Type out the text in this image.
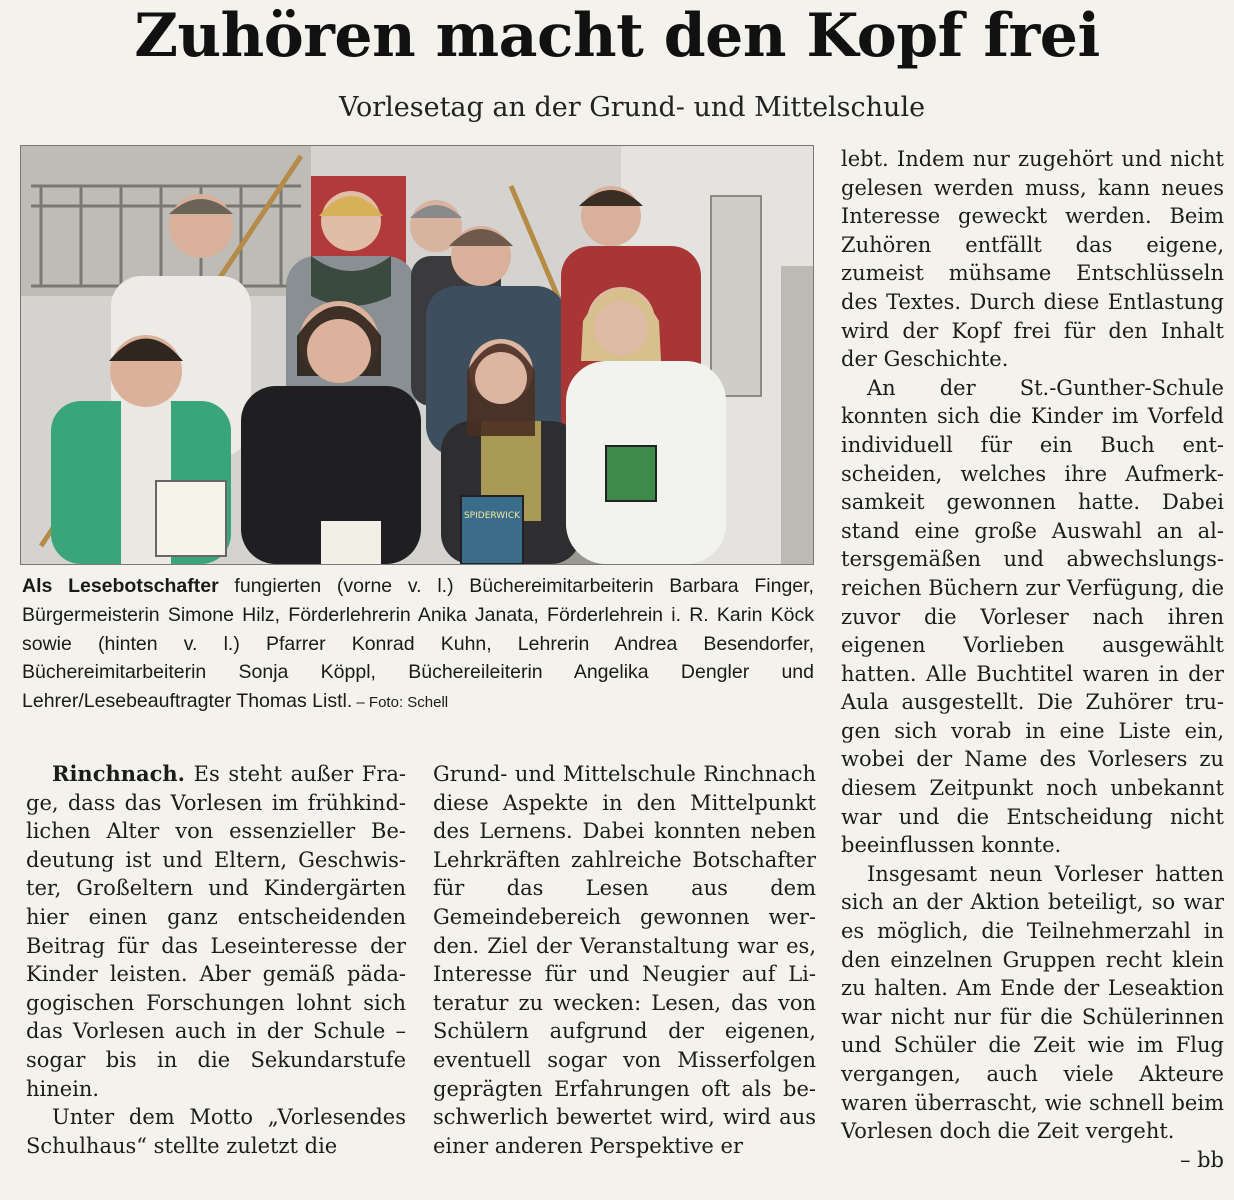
Zuhören macht den Kopf frei
Vorlesetag an der Grund- und Mittelschule
SPIDERWICK
Als Lesebotschafter fungierten (vorne v. l.) Büchereimitarbeiterin Barbara Finger, Bürgermeisterin Simone Hilz, Förderlehrerin Anika Janata, Förderlehrein i. R. Karin Köck sowie (hinten v. l.) Pfarrer Konrad Kuhn, Lehrerin Andrea Besendorfer, Büchereimitarbeiterin Sonja Köppl, Büchereileiterin Angelika Dengler und Lehrer/Lesebeauftragter Thomas Listl. – Foto: Schell

Rinchnach. Es steht außer Frage, dass das Vorlesen im frühkindlichen Alter von essenzieller Bedeutung ist und Eltern, Geschwister, Großeltern und Kindergärten hier einen ganz entscheidenden Beitrag für das Leseinteresse der Kinder leisten. Aber gemäß pädagogischen Forschungen lohnt sich das Vorlesen auch in der Schule – sogar bis in die Sekundarstufe hinein.

Unter dem Motto „Vorlesendes Schulhaus“ stellte zuletzt die

Grund- und Mittelschule Rinchnach diese Aspekte in den Mittelpunkt des Lernens. Dabei konnten neben Lehrkräften zahlreiche Botschafter für das Lesen aus dem Gemeindebereich gewonnen werden. Ziel der Veranstaltung war es, Interesse für und Neugier auf Literatur zu wecken: Lesen, das von Schülern aufgrund der eigenen, eventuell sogar von Misserfolgen geprägten Erfahrungen oft als beschwerlich bewertet wird, wird aus einer anderen Perspektive er

lebt. Indem nur zugehört und nicht gelesen werden muss, kann neues Interesse geweckt werden. Beim Zuhören entfällt das eigene, zumeist mühsame Entschlüsseln des Textes. Durch diese Entlastung wird der Kopf frei für den Inhalt der Geschichte.

An der St.-Gunther-Schule konnten sich die Kinder im Vorfeld individuell für ein Buch entscheiden, welches ihre Aufmerksamkeit gewonnen hatte. Dabei stand eine große Auswahl an altersgemäßen und abwechslungsreichen Büchern zur Verfügung, die zuvor die Vorleser nach ihren eigenen Vorlieben ausgewählt hatten. Alle Buchtitel waren in der Aula ausgestellt. Die Zuhörer trugen sich vorab in eine Liste ein, wobei der Name des Vorlesers zu diesem Zeitpunkt noch unbekannt war und die Entscheidung nicht beeinflussen konnte.

Insgesamt neun Vorleser hatten sich an der Aktion beteiligt, so war es möglich, die Teilnehmerzahl in den einzelnen Gruppen recht klein zu halten. Am Ende der Leseaktion war nicht nur für die Schülerinnen und Schüler die Zeit wie im Flug vergangen, auch viele Akteure waren überrascht, wie schnell beim Vorlesen doch die Zeit vergeht.
– bb
